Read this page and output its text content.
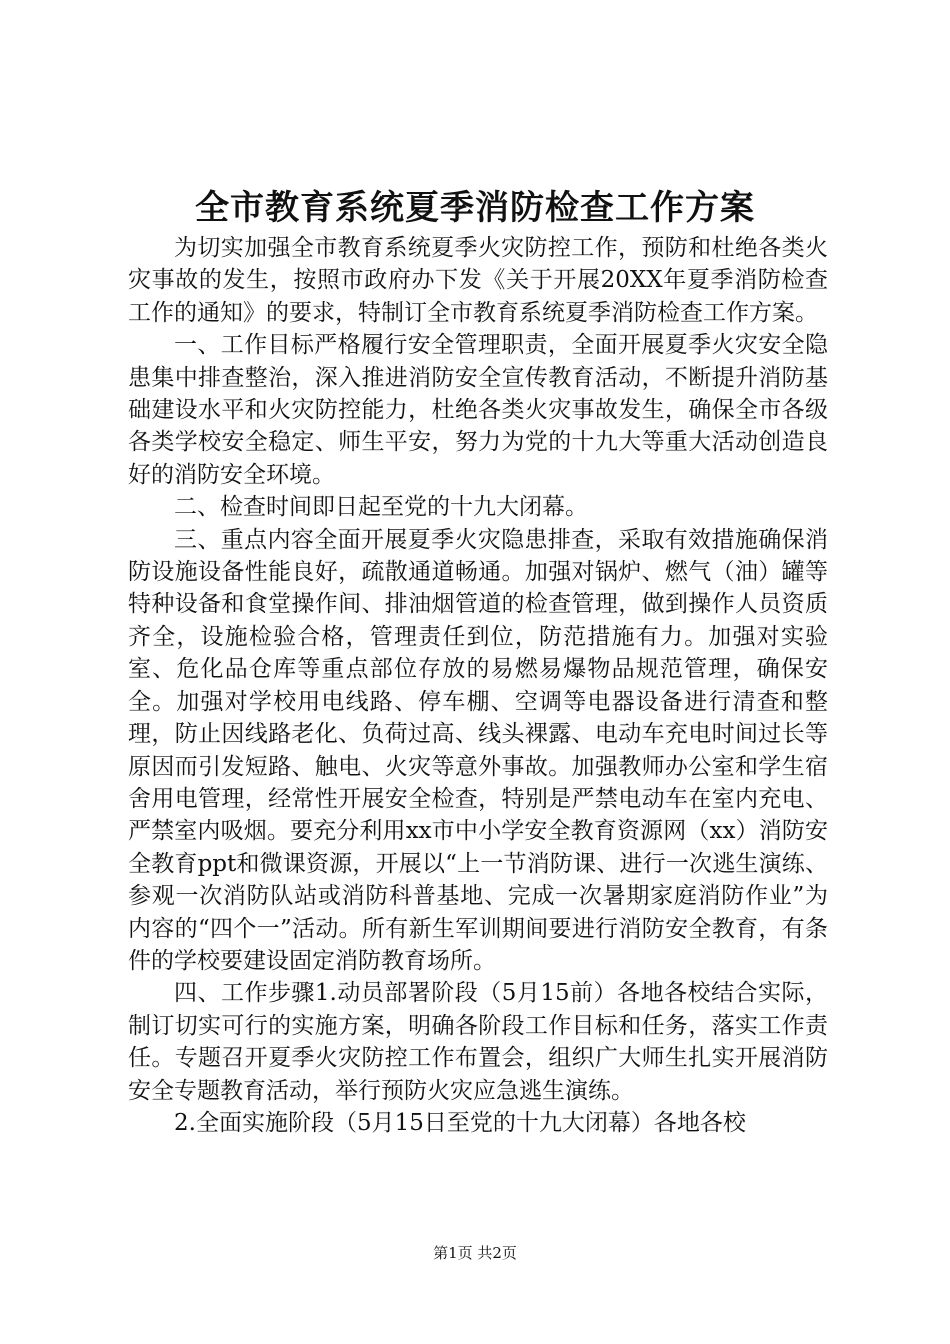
全市教育系统夏季消防检查工作方案

为切实加强全市教育系统夏季火灾防控工作，预防和杜绝各类火灾事故的发生，按照市政府办下发《关于开展20XX年夏季消防检查工作的通知》的要求，特制订全市教育系统夏季消防检查工作方案。

一、工作目标严格履行安全管理职责，全面开展夏季火灾安全隐患集中排查整治，深入推进消防安全宣传教育活动，不断提升消防基础建设水平和火灾防控能力，杜绝各类火灾事故发生，确保全市各级各类学校安全稳定、师生平安，努力为党的十九大等重大活动创造良好的消防安全环境。

二、检查时间即日起至党的十九大闭幕。

三、重点内容全面开展夏季火灾隐患排查，采取有效措施确保消防设施设备性能良好，疏散通道畅通。加强对锅炉、燃气（油）罐等特种设备和食堂操作间、排油烟管道的检查管理，做到操作人员资质齐全，设施检验合格，管理责任到位，防范措施有力。加强对实验室、危化品仓库等重点部位存放的易燃易爆物品规范管理，确保安全。加强对学校用电线路、停车棚、空调等电器设备进行清查和整理，防止因线路老化、负荷过高、线头裸露、电动车充电时间过长等原因而引发短路、触电、火灾等意外事故。加强教师办公室和学生宿舍用电管理，经常性开展安全检查，特别是严禁电动车在室内充电、严禁室内吸烟。要充分利用xx市中小学安全教育资源网（xx）消防安全教育ppt和微课资源，开展以“上一节消防课、进行一次逃生演练、参观一次消防队站或消防科普基地、完成一次暑期家庭消防作业”为内容的“四个一”活动。所有新生军训期间要进行消防安全教育，有条件的学校要建设固定消防教育场所。

四、工作步骤1.动员部署阶段（5月15前）各地各校结合实际，制订切实可行的实施方案，明确各阶段工作目标和任务，落实工作责任。专题召开夏季火灾防控工作布置会，组织广大师生扎实开展消防安全专题教育活动，举行预防火灾应急逃生演练。

2.全面实施阶段（5月15日至党的十九大闭幕）各地各校

第1页 共2页
